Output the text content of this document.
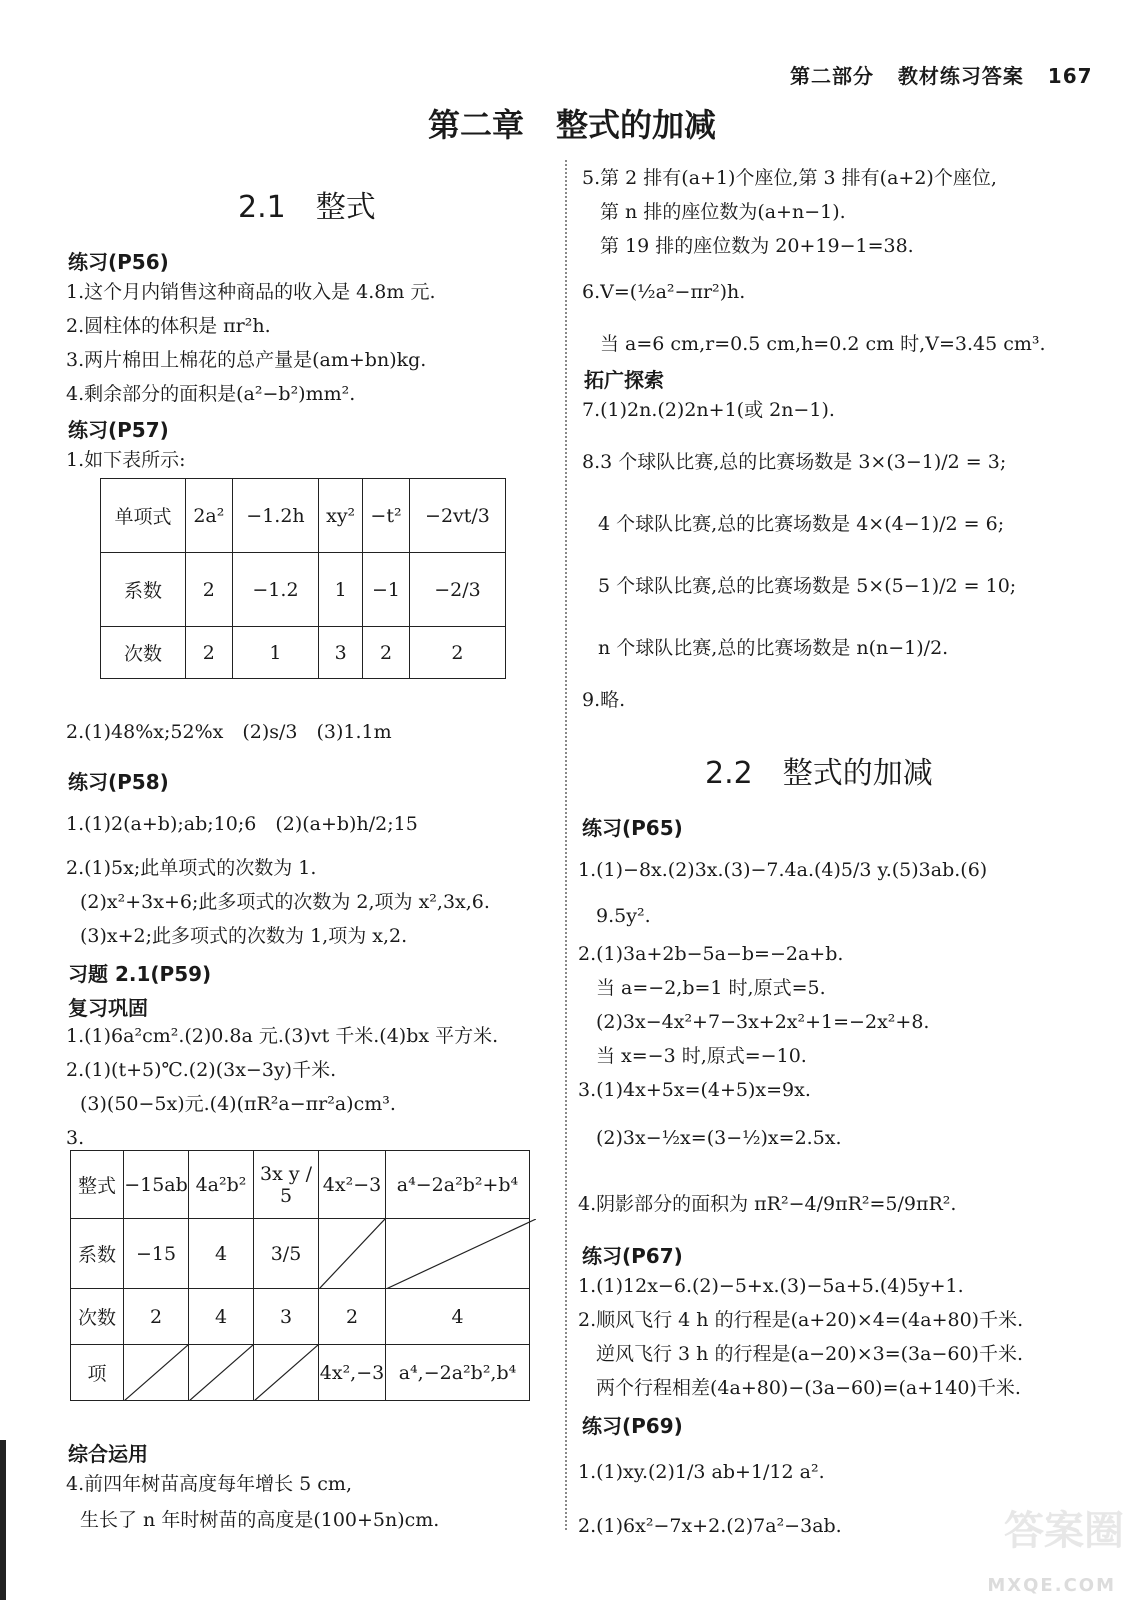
第二部分 教材练习答案 167
第二章　整式的加减
2.1　整式
练习(P56)
1.这个月内销售这种商品的收入是 4.8m 元.
2.圆柱体的体积是 πr²h.
3.两片棉田上棉花的总产量是(am+bn)kg.
4.剩余部分的面积是(a²−b²)mm².
练习(P57)
1.如下表所示:
单项式	2a²	−1.2h	xy²	−t²	−2vt/3
系数	2	−1.2	1	−1	−2/3
次数	2	1	3	2	2
2.(1)48%x;52%x　(2)s/3　(3)1.1m
练习(P58)
1.(1)2(a+b);ab;10;6　(2)(a+b)h/2;15
2.(1)5x;此单项式的次数为 1.
(2)x²+3x+6;此多项式的次数为 2,项为 x²,3x,6.
(3)x+2;此多项式的次数为 1,项为 x,2.
习题 2.1(P59)
复习巩固
1.(1)6a²cm².(2)0.8a 元.(3)vt 千米.(4)bx 平方米.
2.(1)(t+5)℃.(2)(3x−3y)千米.
(3)(50−5x)元.(4)(πR²a−πr²a)cm³.
3.
整式	−15ab	4a²b²	3x y / 5	4x²−3	a⁴−2a²b²+b⁴
系数	−15	4	3/5	

次数	2	4	3	2	4
项				4x²,−3	a⁴,−2a²b²,b⁴
综合运用
4.前四年树苗高度每年增长 5 cm,
生长了 n 年时树苗的高度是(100+5n)cm.
5.第 2 排有(a+1)个座位,第 3 排有(a+2)个座位,
第 n 排的座位数为(a+n−1).
第 19 排的座位数为 20+19−1=38.
6.V=(½a²−πr²)h.
当 a=6 cm,r=0.5 cm,h=0.2 cm 时,V=3.45 cm³.
拓广探索
7.(1)2n.(2)2n+1(或 2n−1).
8.3 个球队比赛,总的比赛场数是 3×(3−1)/2 = 3;
4 个球队比赛,总的比赛场数是 4×(4−1)/2 = 6;
5 个球队比赛,总的比赛场数是 5×(5−1)/2 = 10;
n 个球队比赛,总的比赛场数是 n(n−1)/2.
9.略.
2.2　整式的加减
练习(P65)
1.(1)−8x.(2)3x.(3)−7.4a.(4)5/3 y.(5)3ab.(6)
9.5y².
2.(1)3a+2b−5a−b=−2a+b.
当 a=−2,b=1 时,原式=5.
(2)3x−4x²+7−3x+2x²+1=−2x²+8.
当 x=−3 时,原式=−10.
3.(1)4x+5x=(4+5)x=9x.
(2)3x−½x=(3−½)x=2.5x.
4.阴影部分的面积为 πR²−4/9πR²=5/9πR².
练习(P67)
1.(1)12x−6.(2)−5+x.(3)−5a+5.(4)5y+1.
2.顺风飞行 4 h 的行程是(a+20)×4=(4a+80)千米.
逆风飞行 3 h 的行程是(a−20)×3=(3a−60)千米.
两个行程相差(4a+80)−(3a−60)=(a+140)千米.
练习(P69)
1.(1)xy.(2)1/3 ab+1/12 a².
2.(1)6x²−7x+2.(2)7a²−3ab.	答案圈
MXQE.COM
